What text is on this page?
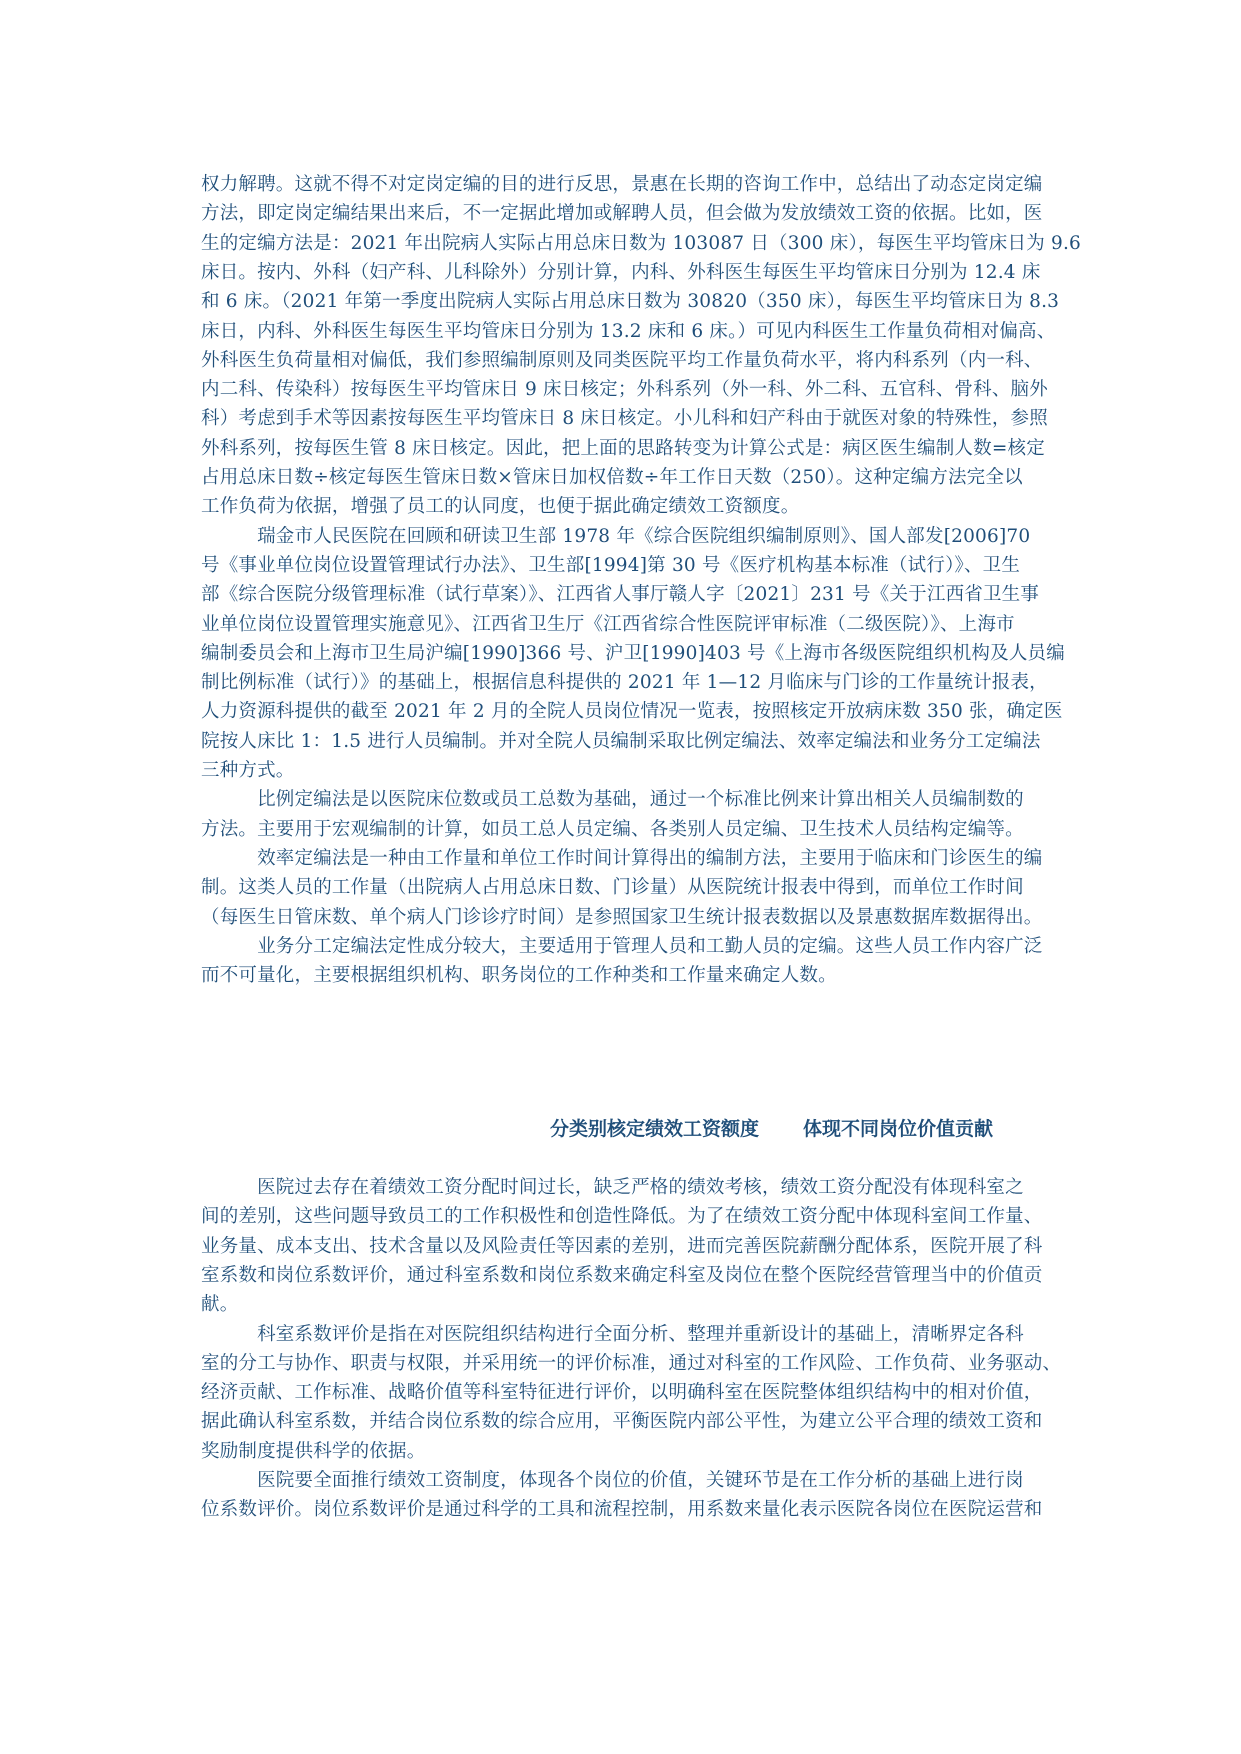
权力解聘。这就不得不对定岗定编的目的进行反思，景惠在长期的咨询工作中，总结出了动态定岗定编
方法，即定岗定编结果出来后，不一定据此增加或解聘人员，但会做为发放绩效工资的依据。比如，医
生的定编方法是：2021 年出院病人实际占用总床日数为 103087 日（300 床），每医生平均管床日为 9.6
床日。按内、外科（妇产科、儿科除外）分别计算，内科、外科医生每医生平均管床日分别为 12.4 床
和 6 床。（2021 年第一季度出院病人实际占用总床日数为 30820（350 床），每医生平均管床日为 8.3
床日，内科、外科医生每医生平均管床日分别为 13.2 床和 6 床。）可见内科医生工作量负荷相对偏高、
外科医生负荷量相对偏低，我们参照编制原则及同类医院平均工作量负荷水平，将内科系列（内一科、
内二科、传染科）按每医生平均管床日 9 床日核定；外科系列（外一科、外二科、五官科、骨科、脑外
科）考虑到手术等因素按每医生平均管床日 8 床日核定。小儿科和妇产科由于就医对象的特殊性，参照
外科系列，按每医生管 8 床日核定。因此，把上面的思路转变为计算公式是：病区医生编制人数=核定
占用总床日数÷核定每医生管床日数×管床日加权倍数÷年工作日天数（250）。这种定编方法完全以
工作负荷为依据，增强了员工的认同度，也便于据此确定绩效工资额度。
　　　瑞金市人民医院在回顾和研读卫生部 1978 年《综合医院组织编制原则》、国人部发[2006]70
号《事业单位岗位设置管理试行办法》、卫生部[1994]第 30 号《医疗机构基本标准（试行）》、卫生
部《综合医院分级管理标准（试行草案）》、江西省人事厅赣人字〔2021〕231 号《关于江西省卫生事
业单位岗位设置管理实施意见》、江西省卫生厅《江西省综合性医院评审标准（二级医院）》、上海市
编制委员会和上海市卫生局沪编[1990]366 号、沪卫[1990]403 号《上海市各级医院组织机构及人员编
制比例标准（试行）》的基础上，根据信息科提供的 2021 年 1—12 月临床与门诊的工作量统计报表，
人力资源科提供的截至 2021 年 2 月的全院人员岗位情况一览表，按照核定开放病床数 350 张，确定医
院按人床比 1：1.5 进行人员编制。并对全院人员编制采取比例定编法、效率定编法和业务分工定编法
三种方式。
　　　比例定编法是以医院床位数或员工总数为基础，通过一个标准比例来计算出相关人员编制数的
方法。主要用于宏观编制的计算，如员工总人员定编、各类别人员定编、卫生技术人员结构定编等。
　　　效率定编法是一种由工作量和单位工作时间计算得出的编制方法，主要用于临床和门诊医生的编
制。这类人员的工作量（出院病人占用总床日数、门诊量）从医院统计报表中得到，而单位工作时间
（每医生日管床数、单个病人门诊诊疗时间）是参照国家卫生统计报表数据以及景惠数据库数据得出。
　　　业务分工定编法定性成分较大，主要适用于管理人员和工勤人员的定编。这些人员工作内容广泛
而不可量化，主要根据组织机构、职务岗位的工作种类和工作量来确定人数。
分类别核定绩效工资额度 体现不同岗位价值贡献
　　　医院过去存在着绩效工资分配时间过长，缺乏严格的绩效考核，绩效工资分配没有体现科室之
间的差别，这些问题导致员工的工作积极性和创造性降低。为了在绩效工资分配中体现科室间工作量、
业务量、成本支出、技术含量以及风险责任等因素的差别，进而完善医院薪酬分配体系，医院开展了科
室系数和岗位系数评价，通过科室系数和岗位系数来确定科室及岗位在整个医院经营管理当中的价值贡
献。
　　　科室系数评价是指在对医院组织结构进行全面分析、整理并重新设计的基础上，清晰界定各科
室的分工与协作、职责与权限，并采用统一的评价标准，通过对科室的工作风险、工作负荷、业务驱动、
经济贡献、工作标准、战略价值等科室特征进行评价，以明确科室在医院整体组织结构中的相对价值，
据此确认科室系数，并结合岗位系数的综合应用，平衡医院内部公平性，为建立公平合理的绩效工资和
奖励制度提供科学的依据。
　　　医院要全面推行绩效工资制度，体现各个岗位的价值，关键环节是在工作分析的基础上进行岗
位系数评价。岗位系数评价是通过科学的工具和流程控制，用系数来量化表示医院各岗位在医院运营和
